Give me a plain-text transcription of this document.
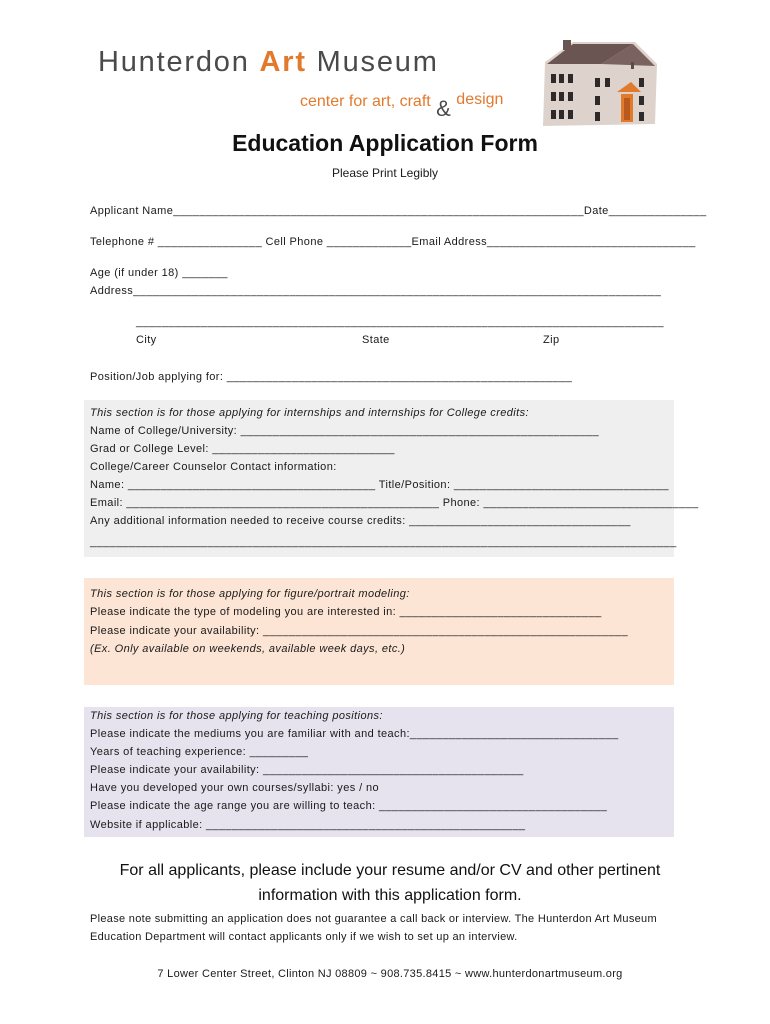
Hunterdon Art Museum
center for art, craft & design
Education Application Form
Please Print Legibly
Applicant Name_______________________________________________________________Date_______________
Telephone # ________________ Cell Phone _____________Email Address________________________________
Age (if under 18) _______
Address_________________________________________________________________________________
_________________________________________________________________________________
City	State	Zip
Position/Job applying for: _____________________________________________________
This section is for those applying for internships and internships for College credits:
Name of College/University: _______________________________________________________
Grad or College Level: ____________________________
College/Career Counselor Contact information:
Name: ______________________________________ Title/Position: _________________________________
Email: ________________________________________________ Phone: _________________________________
Any additional information needed to receive course credits: __________________________________
__________________________________________________________________________________________
This section is for those applying for figure/portrait modeling:
Please indicate the type of modeling you are interested in: _______________________________
Please indicate your availability: ________________________________________________________
(Ex. Only available on weekends, available week days, etc.)
This section is for those applying for teaching positions:
Please indicate the mediums you are familiar with and teach:________________________________
Years of teaching experience: _________
Please indicate your availability: ________________________________________
Have you developed your own courses/syllabi: yes / no
Please indicate the age range you are willing to teach: ___________________________________
Website if applicable: _________________________________________________
For all applicants, please include your resume and/or CV and other pertinent
information with this application form.
Please note submitting an application does not guarantee a call back or interview. The Hunterdon Art Museum
Education Department will contact applicants only if we wish to set up an interview.
7 Lower Center Street, Clinton NJ 08809 ~ 908.735.8415 ~ www.hunterdonartmuseum.org
